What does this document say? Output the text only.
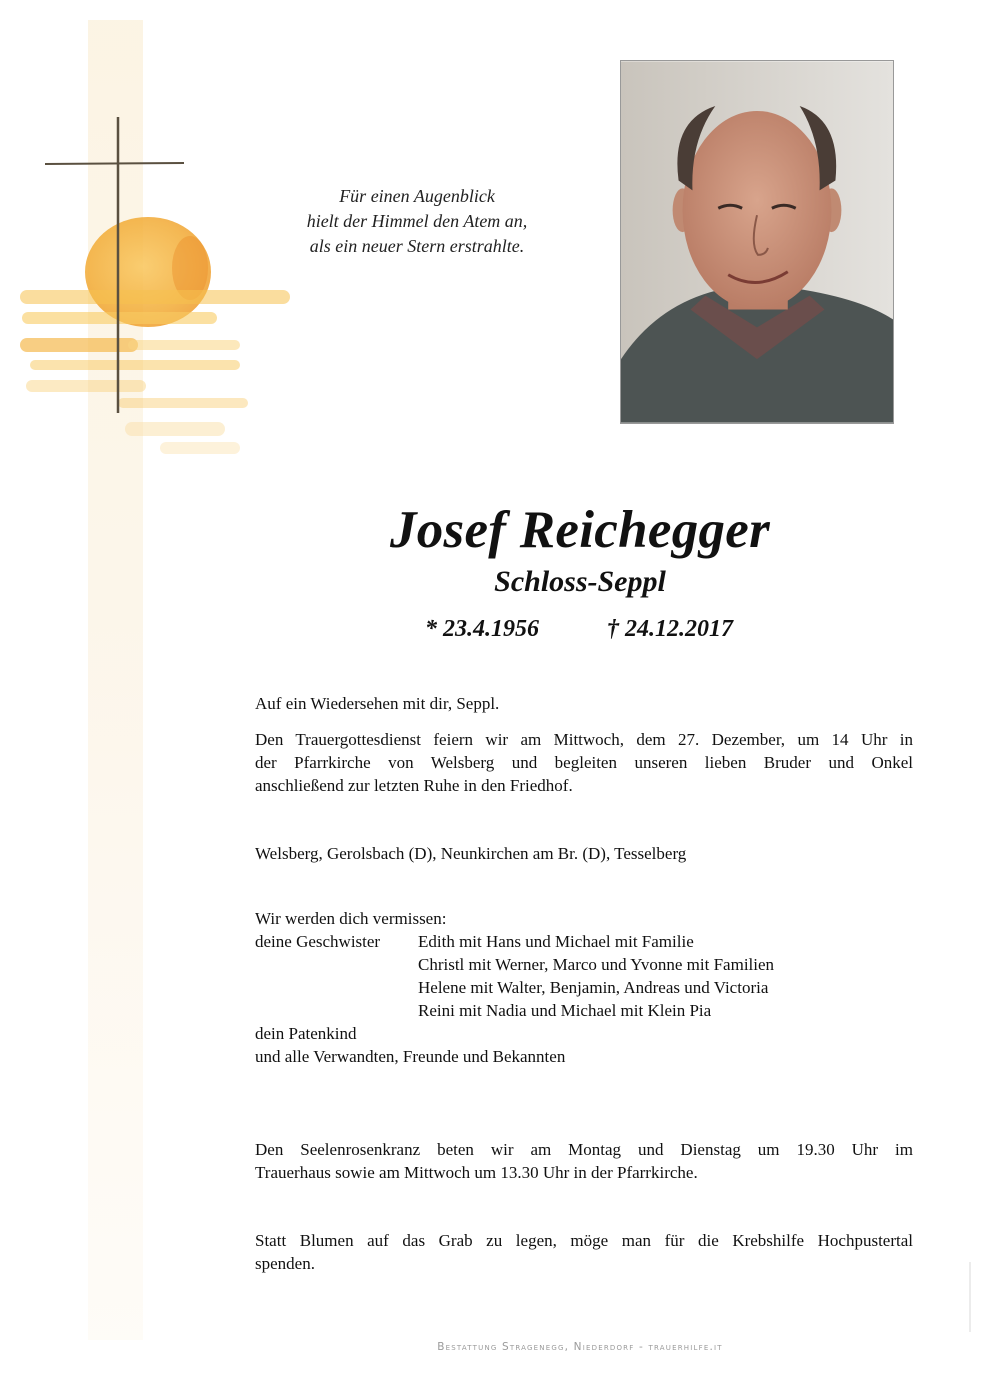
Für einen Augenblick
hielt der Himmel den Atem an,
als ein neuer Stern erstrahlte.
Josef Reichegger
Schloss-Seppl
* 23.4.1956	† 24.12.2017
Auf ein Wiedersehen mit dir, Seppl.
Den Trauergottesdienst feiern wir am Mittwoch, dem 27. Dezember, um 14 Uhr in
der Pfarrkirche von Welsberg und begleiten unseren lieben Bruder und Onkel
anschließend zur letzten Ruhe in den Friedhof.
Welsberg, Gerolsbach (D), Neunkirchen am Br. (D), Tesselberg
Wir werden dich vermissen:
deine Geschwister Edith mit Hans und Michael mit Familie
Christl mit Werner, Marco und Yvonne mit Familien
Helene mit Walter, Benjamin, Andreas und Victoria
Reini mit Nadia und Michael mit Klein Pia
dein Patenkind
und alle Verwandten, Freunde und Bekannten
Den Seelenrosenkranz beten wir am Montag und Dienstag um 19.30 Uhr im
Trauerhaus sowie am Mittwoch um 13.30 Uhr in der Pfarrkirche.
Statt Blumen auf das Grab zu legen, möge man für die Krebshilfe Hochpustertal
spenden.
Bestattung Stragenegg, Niederdorf - trauerhilfe.it
